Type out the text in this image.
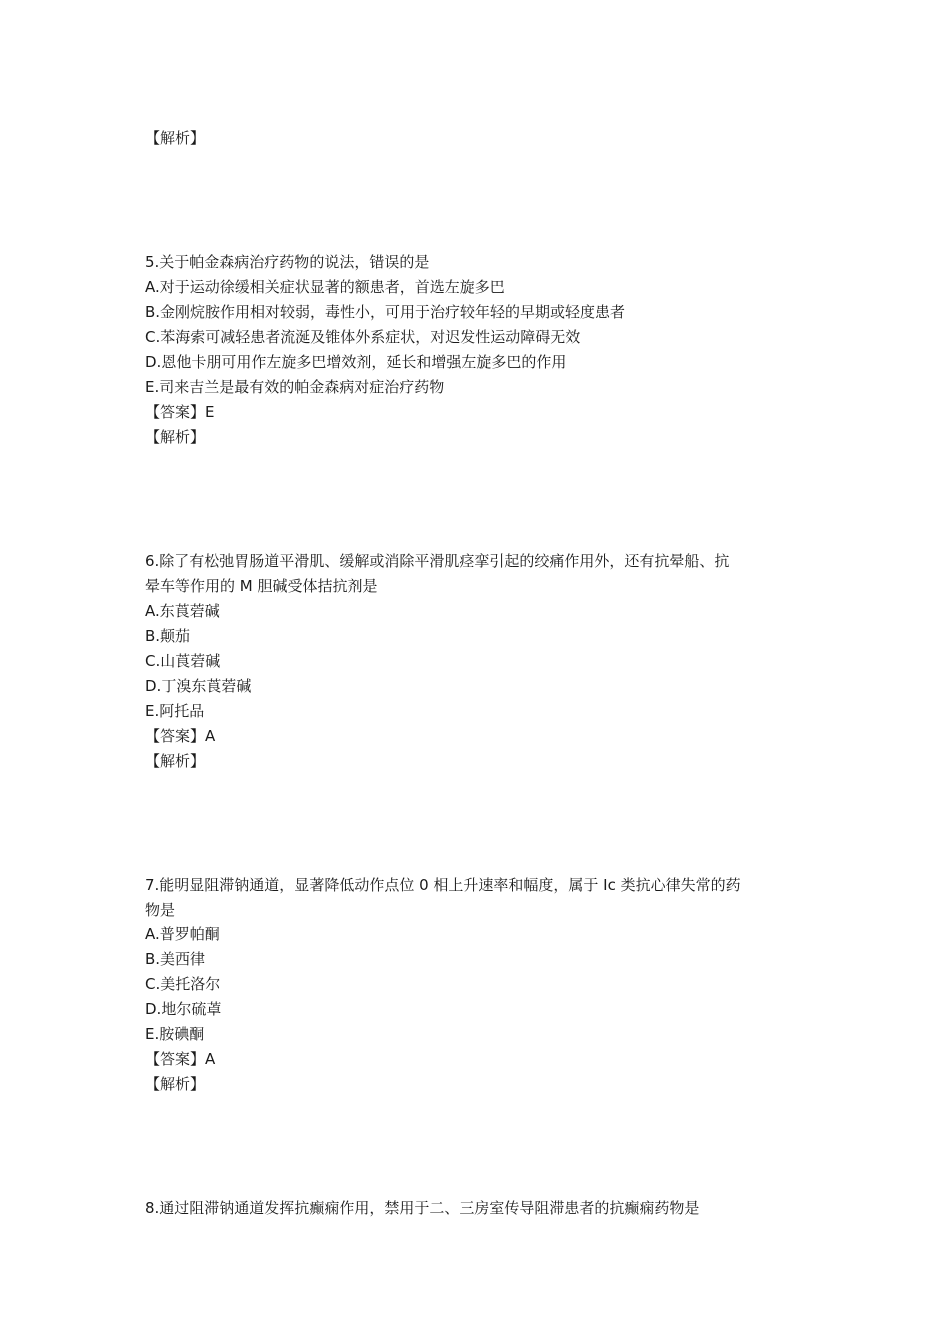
【解析】
5.关于帕金森病治疗药物的说法，错误的是
A.对于运动徐缓相关症状显著的额患者，首选左旋多巴
B.金刚烷胺作用相对较弱，毒性小，可用于治疗较年轻的早期或轻度患者
C.苯海索可减轻患者流涎及锥体外系症状，对迟发性运动障碍无效
D.恩他卡朋可用作左旋多巴增效剂，延长和增强左旋多巴的作用
E.司来吉兰是最有效的帕金森病对症治疗药物
【答案】E
【解析】
6.除了有松弛胃肠道平滑肌、缓解或消除平滑肌痉挛引起的绞痛作用外，还有抗晕船、抗
晕车等作用的 M 胆碱受体拮抗剂是
A.东莨菪碱
B.颠茄
C.山莨菪碱
D.丁溴东莨菪碱
E.阿托品
【答案】A
【解析】
7.能明显阻滞钠通道，显著降低动作点位 0 相上升速率和幅度，属于 Ic 类抗心律失常的药
物是
A.普罗帕酮
B.美西律
C.美托洛尔
D.地尔硫䓬
E.胺碘酮
【答案】A
【解析】
8.通过阻滞钠通道发挥抗癫痫作用，禁用于二、三房室传导阻滞患者的抗癫痫药物是
